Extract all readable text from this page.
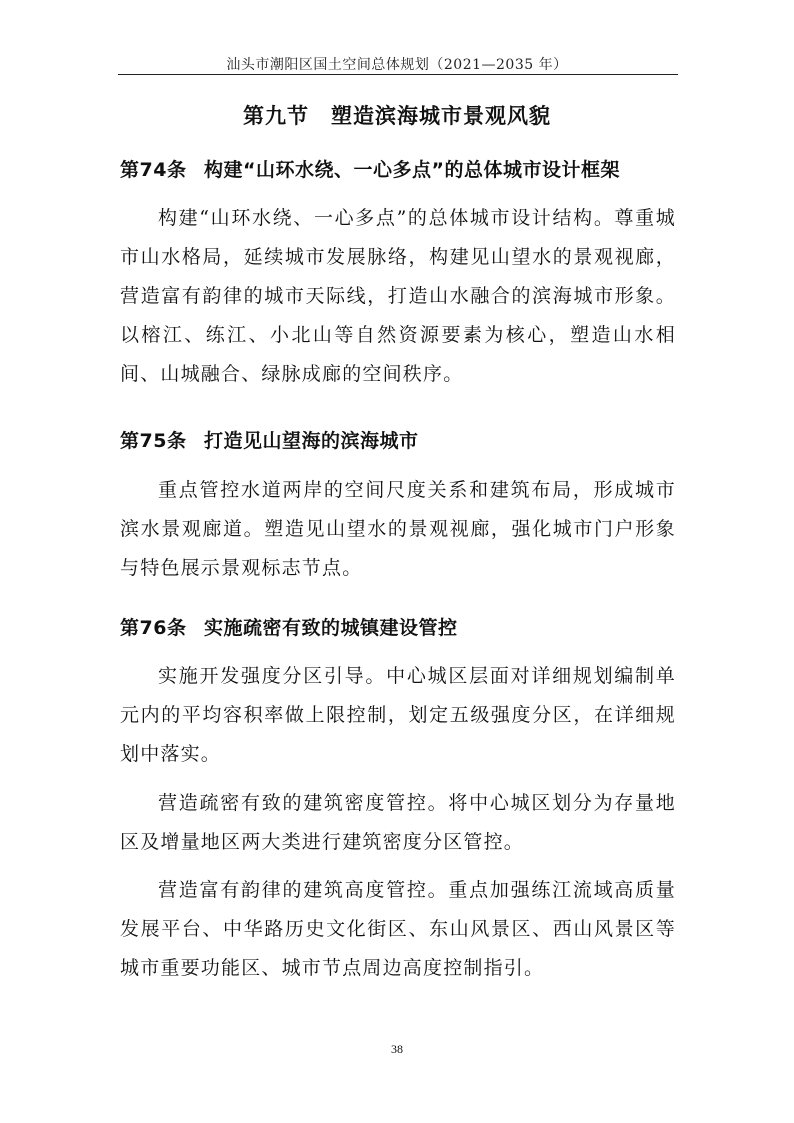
汕头市潮阳区国土空间总体规划（2021—2035 年）
第九节 塑造滨海城市景观风貌
第74条 构建“山环水绕、一心多点”的总体城市设计框架

构建“山环水绕、一心多点”的总体城市设计结构。尊重城市山水格局，延续城市发展脉络，构建见山望水的景观视廊，营造富有韵律的城市天际线，打造山水融合的滨海城市形象。以榕江、练江、小北山等自然资源要素为核心，塑造山水相间、山城融合、绿脉成廊的空间秩序。

第75条 打造见山望海的滨海城市

重点管控水道两岸的空间尺度关系和建筑布局，形成城市滨水景观廊道。塑造见山望水的景观视廊，强化城市门户形象与特色展示景观标志节点。

第76条 实施疏密有致的城镇建设管控

实施开发强度分区引导。中心城区层面对详细规划编制单元内的平均容积率做上限控制，划定五级强度分区，在详细规划中落实。

营造疏密有致的建筑密度管控。将中心城区划分为存量地区及增量地区两大类进行建筑密度分区管控。

营造富有韵律的建筑高度管控。重点加强练江流域高质量发展平台、中华路历史文化街区、东山风景区、西山风景区等城市重要功能区、城市节点周边高度控制指引。

38
